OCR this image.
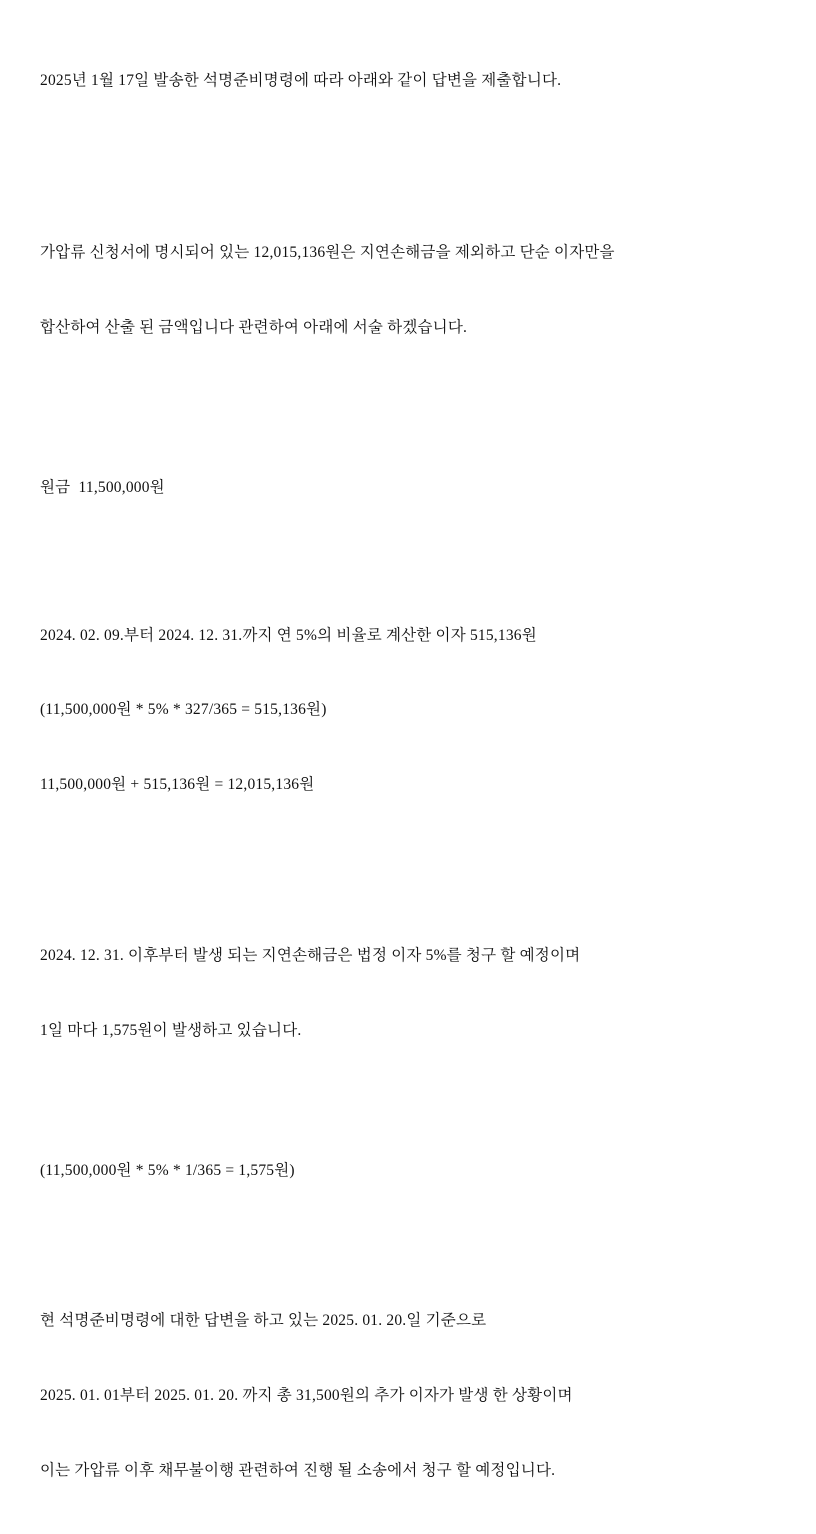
2025년 1월 17일 발송한 석명준비명령에 따라 아래와 같이 답변을 제출합니다.

가압류 신청서에 명시되어 있는 12,015,136원은 지연손해금을 제외하고 단순 이자만을

합산하여 산출 된 금액입니다 관련하여 아래에 서술 하겠습니다.

원금  11,500,000원

2024. 02. 09.부터 2024. 12. 31.까지 연 5%의 비율로 계산한 이자 515,136원

(11,500,000원 * 5% * 327/365 = 515,136원)

11,500,000원 + 515,136원 = 12,015,136원

2024. 12. 31. 이후부터 발생 되는 지연손해금은 법정 이자 5%를 청구 할 예정이며

1일 마다 1,575원이 발생하고 있습니다.

(11,500,000원 * 5% * 1/365 = 1,575원)

현 석명준비명령에 대한 답변을 하고 있는 2025. 01. 20.일 기준으로

2025. 01. 01부터 2025. 01. 20. 까지 총 31,500원의 추가 이자가 발생 한 상황이며

이는 가압류 이후 채무불이행 관련하여 진행 될 소송에서 청구 할 예정입니다.
